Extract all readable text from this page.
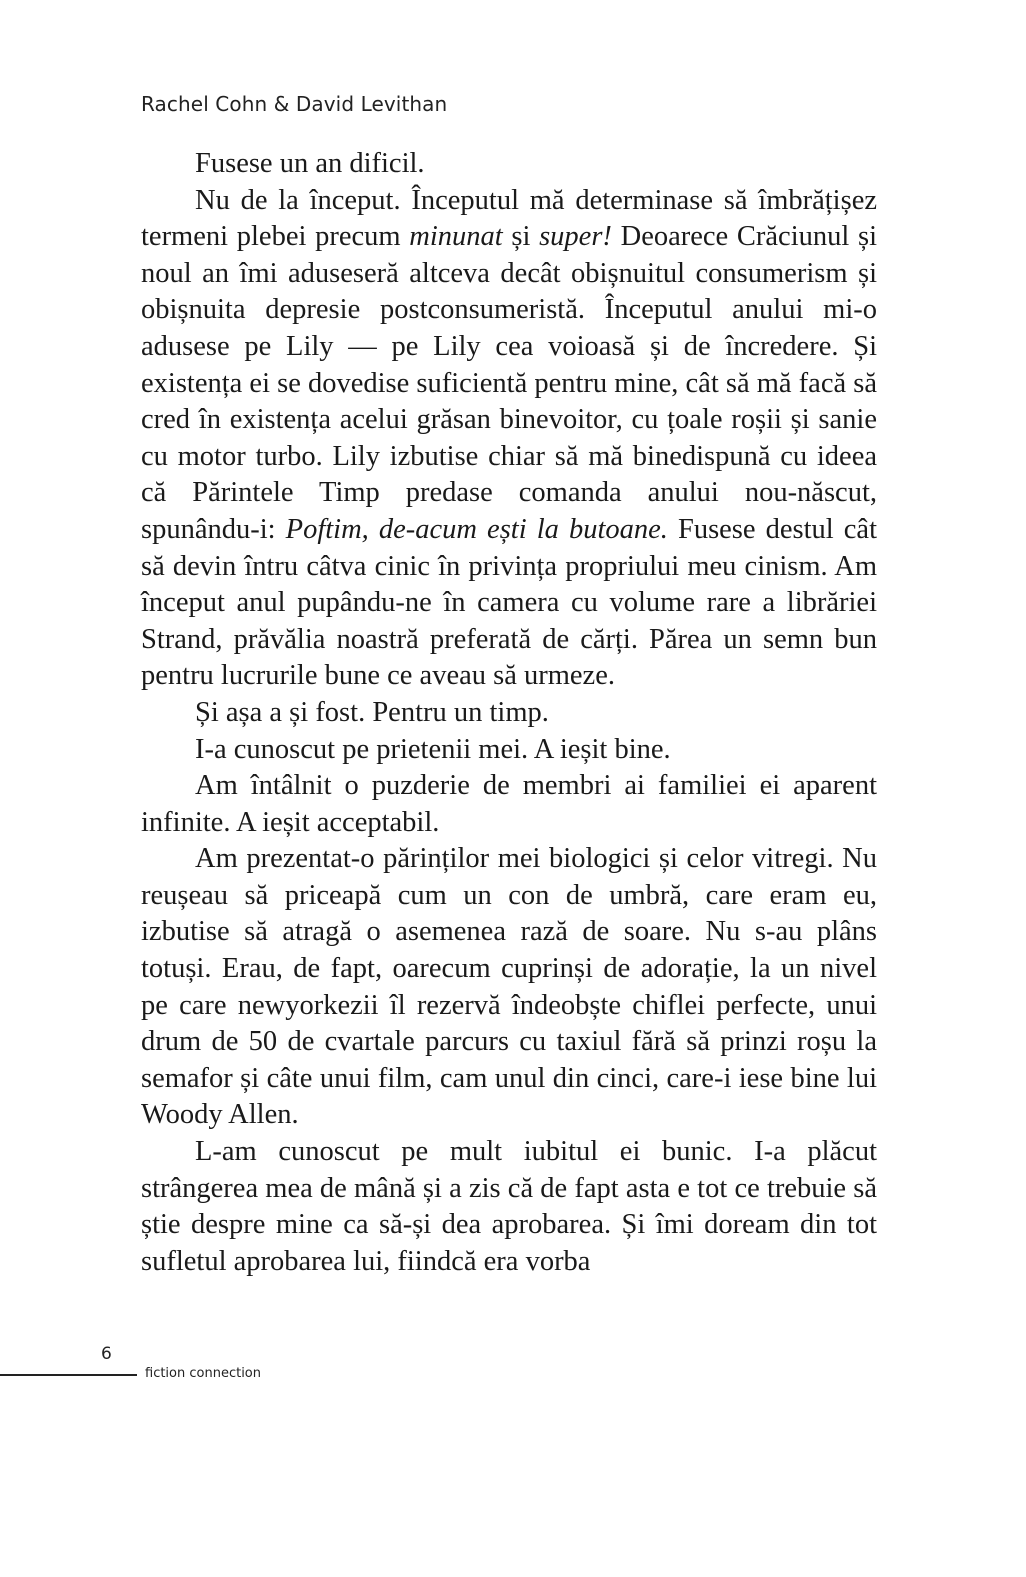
Rachel Cohn & David Levithan

Fusese un an dificil.

Nu de la început. Începutul mă determinase să îmbrățișez termeni plebei precum minunat și super! Deoarece Crăciunul și noul an îmi aduseseră altceva decât obișnuitul consumerism și obișnuita depresie postconsumeristă. Începutul anului mi-o adusese pe Lily — pe Lily cea voioasă și de încredere. Și existența ei se dovedise suficientă pentru mine, cât să mă facă să cred în existența acelui grăsan binevoitor, cu țoale roșii și sanie cu motor turbo. Lily izbutise chiar să mă binedispună cu ideea că Părintele Timp predase comanda anului nou-născut, spunându-i: Poftim, de-acum ești la butoane. Fusese destul cât să devin întru câtva cinic în privința propriului meu cinism. Am început anul pupându-ne în camera cu volume rare a librăriei Strand, prăvălia noastră preferată de cărți. Părea un semn bun pentru lucrurile bune ce aveau să urmeze.

Și așa a și fost. Pentru un timp.

I-a cunoscut pe prietenii mei. A ieșit bine.

Am întâlnit o puzderie de membri ai familiei ei aparent infinite. A ieșit acceptabil.

Am prezentat-o părinților mei biologici și celor vitregi. Nu reușeau să priceapă cum un con de umbră, care eram eu, izbutise să atragă o asemenea rază de soare. Nu s-au plâns totuși. Erau, de fapt, oarecum cuprinși de adorație, la un nivel pe care newyorkezii îl rezervă îndeobște chiflei perfecte, unui drum de 50 de cvartale parcurs cu taxiul fără să prinzi roșu la semafor și câte unui film, cam unul din cinci, care-i iese bine lui Woody Allen.

L-am cunoscut pe mult iubitul ei bunic. I-a plăcut strângerea mea de mână și a zis că de fapt asta e tot ce trebuie să știe despre mine ca să-și dea aprobarea. Și îmi doream din tot sufletul aprobarea lui, fiindcă era vorba

6
fiction connection
